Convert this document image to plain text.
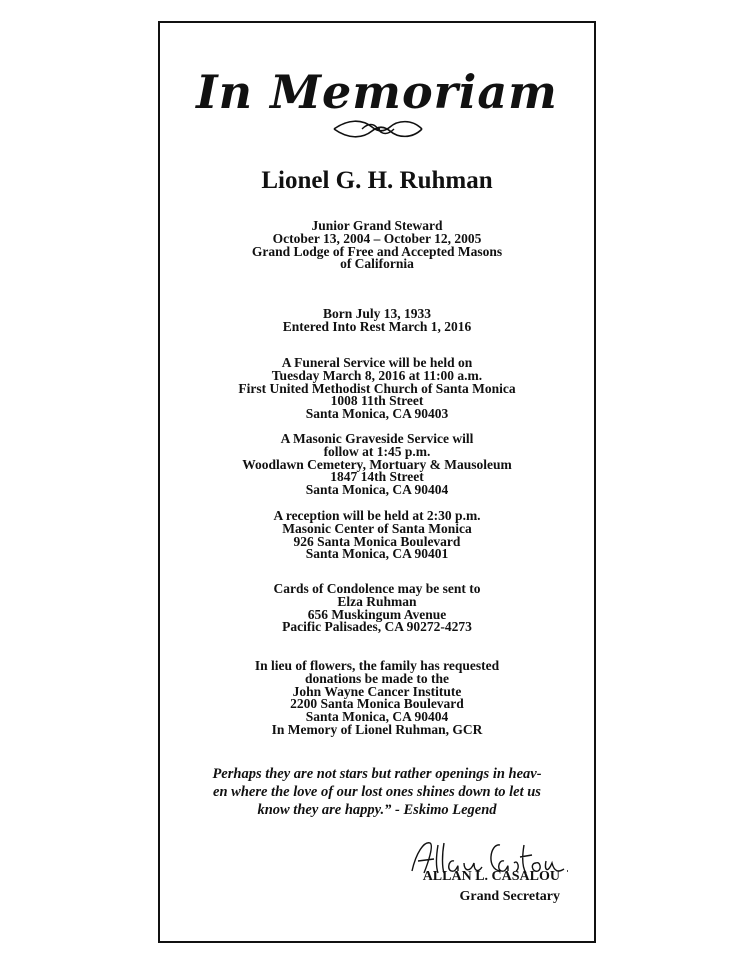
In Memoriam
Lionel G. H. Ruhman
Junior Grand Steward
October 13, 2004 – October 12, 2005
Grand Lodge of Free and Accepted Masons
of California
Born July 13, 1933
Entered Into Rest March 1, 2016
A Funeral Service will be held on
Tuesday March 8, 2016 at 11:00 a.m.
First United Methodist Church of Santa Monica
1008 11th Street
Santa Monica, CA 90403
A Masonic Graveside Service will
follow at 1:45 p.m.
Woodlawn Cemetery, Mortuary & Mausoleum
1847 14th Street
Santa Monica, CA 90404
A reception will be held at 2:30 p.m.
Masonic Center of Santa Monica
926 Santa Monica Boulevard
Santa Monica, CA 90401
Cards of Condolence may be sent to
Elza Ruhman
656 Muskingum Avenue
Pacific Palisades, CA 90272-4273
In lieu of flowers, the family has requested
donations be made to the
John Wayne Cancer Institute
2200 Santa Monica Boulevard
Santa Monica, CA 90404
In Memory of Lionel Ruhman, GCR
Perhaps they are not stars but rather openings in heav-
en where the love of our lost ones shines down to let us
know they are happy.” - Eskimo Legend
ALLAN L. CASALOU
Grand Secretary
